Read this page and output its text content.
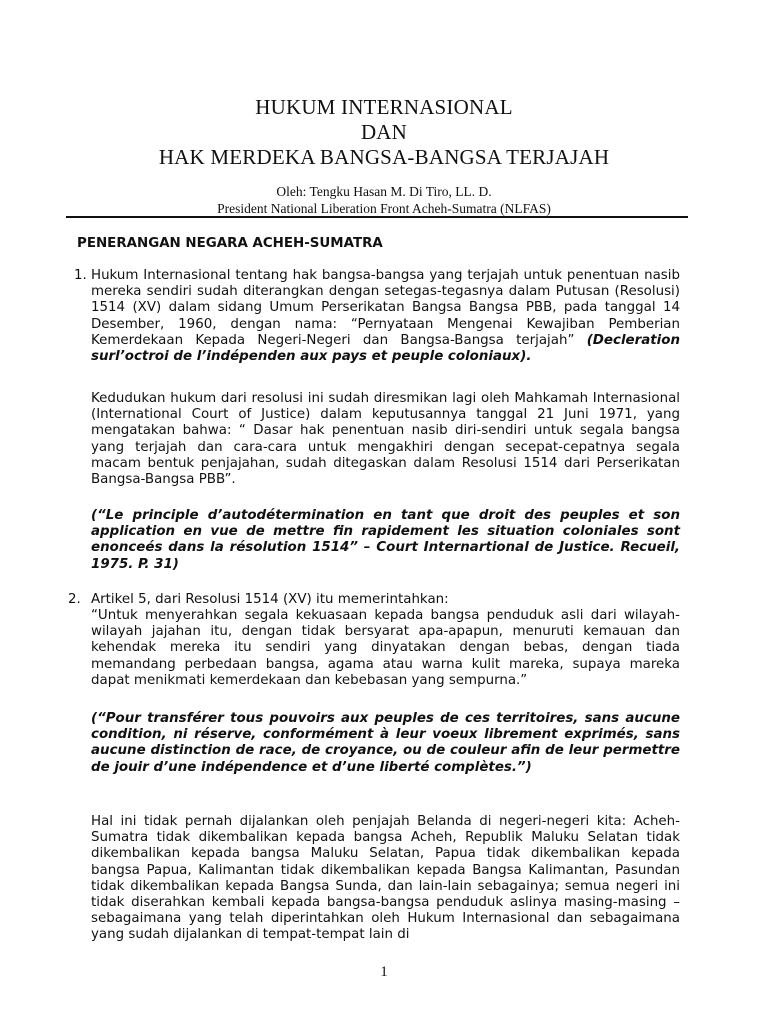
HUKUM INTERNASIONAL
DAN
HAK MERDEKA BANGSA-BANGSA TERJAJAH
Oleh: Tengku Hasan M. Di Tiro, LL. D.
President National Liberation Front Acheh-Sumatra (NLFAS)
PENERANGAN NEGARA ACHEH-SUMATRA
1. Hukum Internasional tentang hak bangsa-bangsa yang terjajah untuk penentuan nasib mereka sendiri sudah diterangkan dengan setegas-tegasnya dalam Putusan (Resolusi) 1514 (XV) dalam sidang Umum Perserikatan Bangsa Bangsa PBB, pada tanggal 14 Desember, 1960, dengan nama: “Pernyataan Mengenai Kewajiban Pemberian Kemerdekaan Kepada Negeri-Negeri dan Bangsa-Bangsa terjajah” (Decleration surl’octroi de l’indépenden aux pays et peuple coloniaux).
Kedudukan hukum dari resolusi ini sudah diresmikan lagi oleh Mahkamah Internasional (International Court of Justice) dalam keputusannya tanggal 21 Juni 1971, yang mengatakan bahwa: “ Dasar hak penentuan nasib diri-sendiri untuk segala bangsa yang terjajah dan cara-cara untuk mengakhiri dengan secepat-cepatnya segala macam bentuk penjajahan, sudah ditegaskan dalam Resolusi 1514 dari Perserikatan Bangsa-Bangsa PBB”.
(“Le principle d’autodétermination en tant que droit des peuples et son application en vue de mettre fin rapidement les situation coloniales sont enonceés dans la résolution 1514” – Court Internartional de Justice. Recueil, 1975. P. 31)
2. Artikel 5, dari Resolusi 1514 (XV) itu memerintahkan:
“Untuk menyerahkan segala kekuasaan kepada bangsa penduduk asli dari wilayah-wilayah jajahan itu, dengan tidak bersyarat apa-apapun, menuruti kemauan dan kehendak mereka itu sendiri yang dinyatakan dengan bebas, dengan tiada memandang perbedaan bangsa, agama atau warna kulit mareka, supaya mareka dapat menikmati kemerdekaan dan kebebasan yang sempurna.”
(“Pour transférer tous pouvoirs aux peuples de ces territoires, sans aucune condition, ni réserve, conformément à leur voeux librement exprimés, sans aucune distinction de race, de croyance, ou de couleur afin de leur permettre de jouir d’une indépendence et d’une liberté complètes.”)
Hal ini tidak pernah dijalankan oleh penjajah Belanda di negeri-negeri kita: Acheh-Sumatra tidak dikembalikan kepada bangsa Acheh, Republik Maluku Selatan tidak dikembalikan kepada bangsa Maluku Selatan, Papua tidak dikembalikan kepada bangsa Papua, Kalimantan tidak dikembalikan kepada Bangsa Kalimantan, Pasundan tidak dikembalikan kepada Bangsa Sunda, dan lain-lain sebagainya; semua negeri ini tidak diserahkan kembali kepada bangsa-bangsa penduduk aslinya masing-masing – sebagaimana yang telah diperintahkan oleh Hukum Internasional dan sebagaimana yang sudah dijalankan di tempat-tempat lain di
1
